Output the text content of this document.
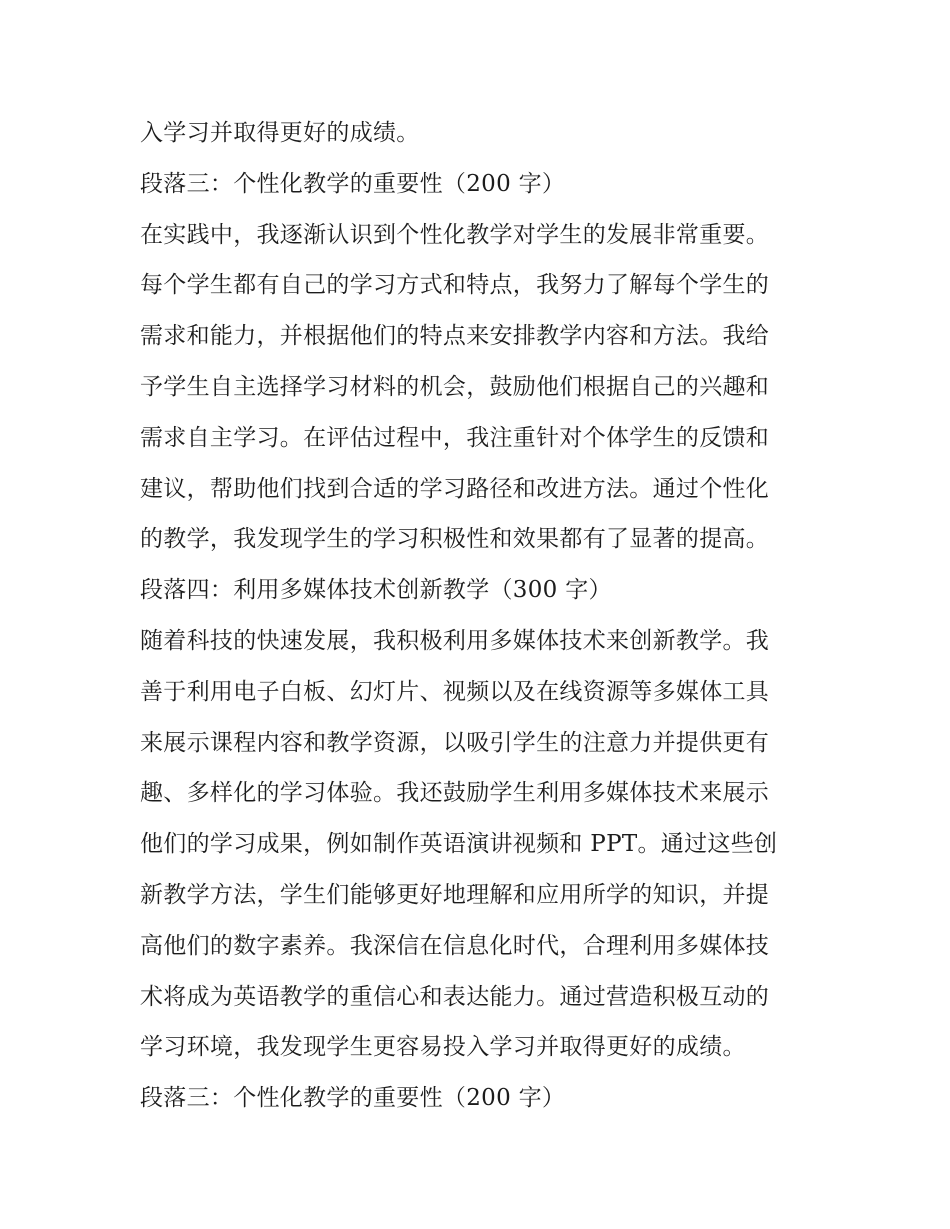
入学习并取得更好的成绩。
段落三：个性化教学的重要性（200 字）
在实践中，我逐渐认识到个性化教学对学生的发展非常重要。
每个学生都有自己的学习方式和特点，我努力了解每个学生的
需求和能力，并根据他们的特点来安排教学内容和方法。我给
予学生自主选择学习材料的机会，鼓励他们根据自己的兴趣和
需求自主学习。在评估过程中，我注重针对个体学生的反馈和
建议，帮助他们找到合适的学习路径和改进方法。通过个性化
的教学，我发现学生的学习积极性和效果都有了显著的提高。
段落四：利用多媒体技术创新教学（300 字）
随着科技的快速发展，我积极利用多媒体技术来创新教学。我
善于利用电子白板、幻灯片、视频以及在线资源等多媒体工具
来展示课程内容和教学资源，以吸引学生的注意力并提供更有
趣、多样化的学习体验。我还鼓励学生利用多媒体技术来展示
他们的学习成果，例如制作英语演讲视频和 PPT。通过这些创
新教学方法，学生们能够更好地理解和应用所学的知识，并提
高他们的数字素养。我深信在信息化时代，合理利用多媒体技
术将成为英语教学的重信心和表达能力。通过营造积极互动的
学习环境，我发现学生更容易投入学习并取得更好的成绩。
段落三：个性化教学的重要性（200 字）
